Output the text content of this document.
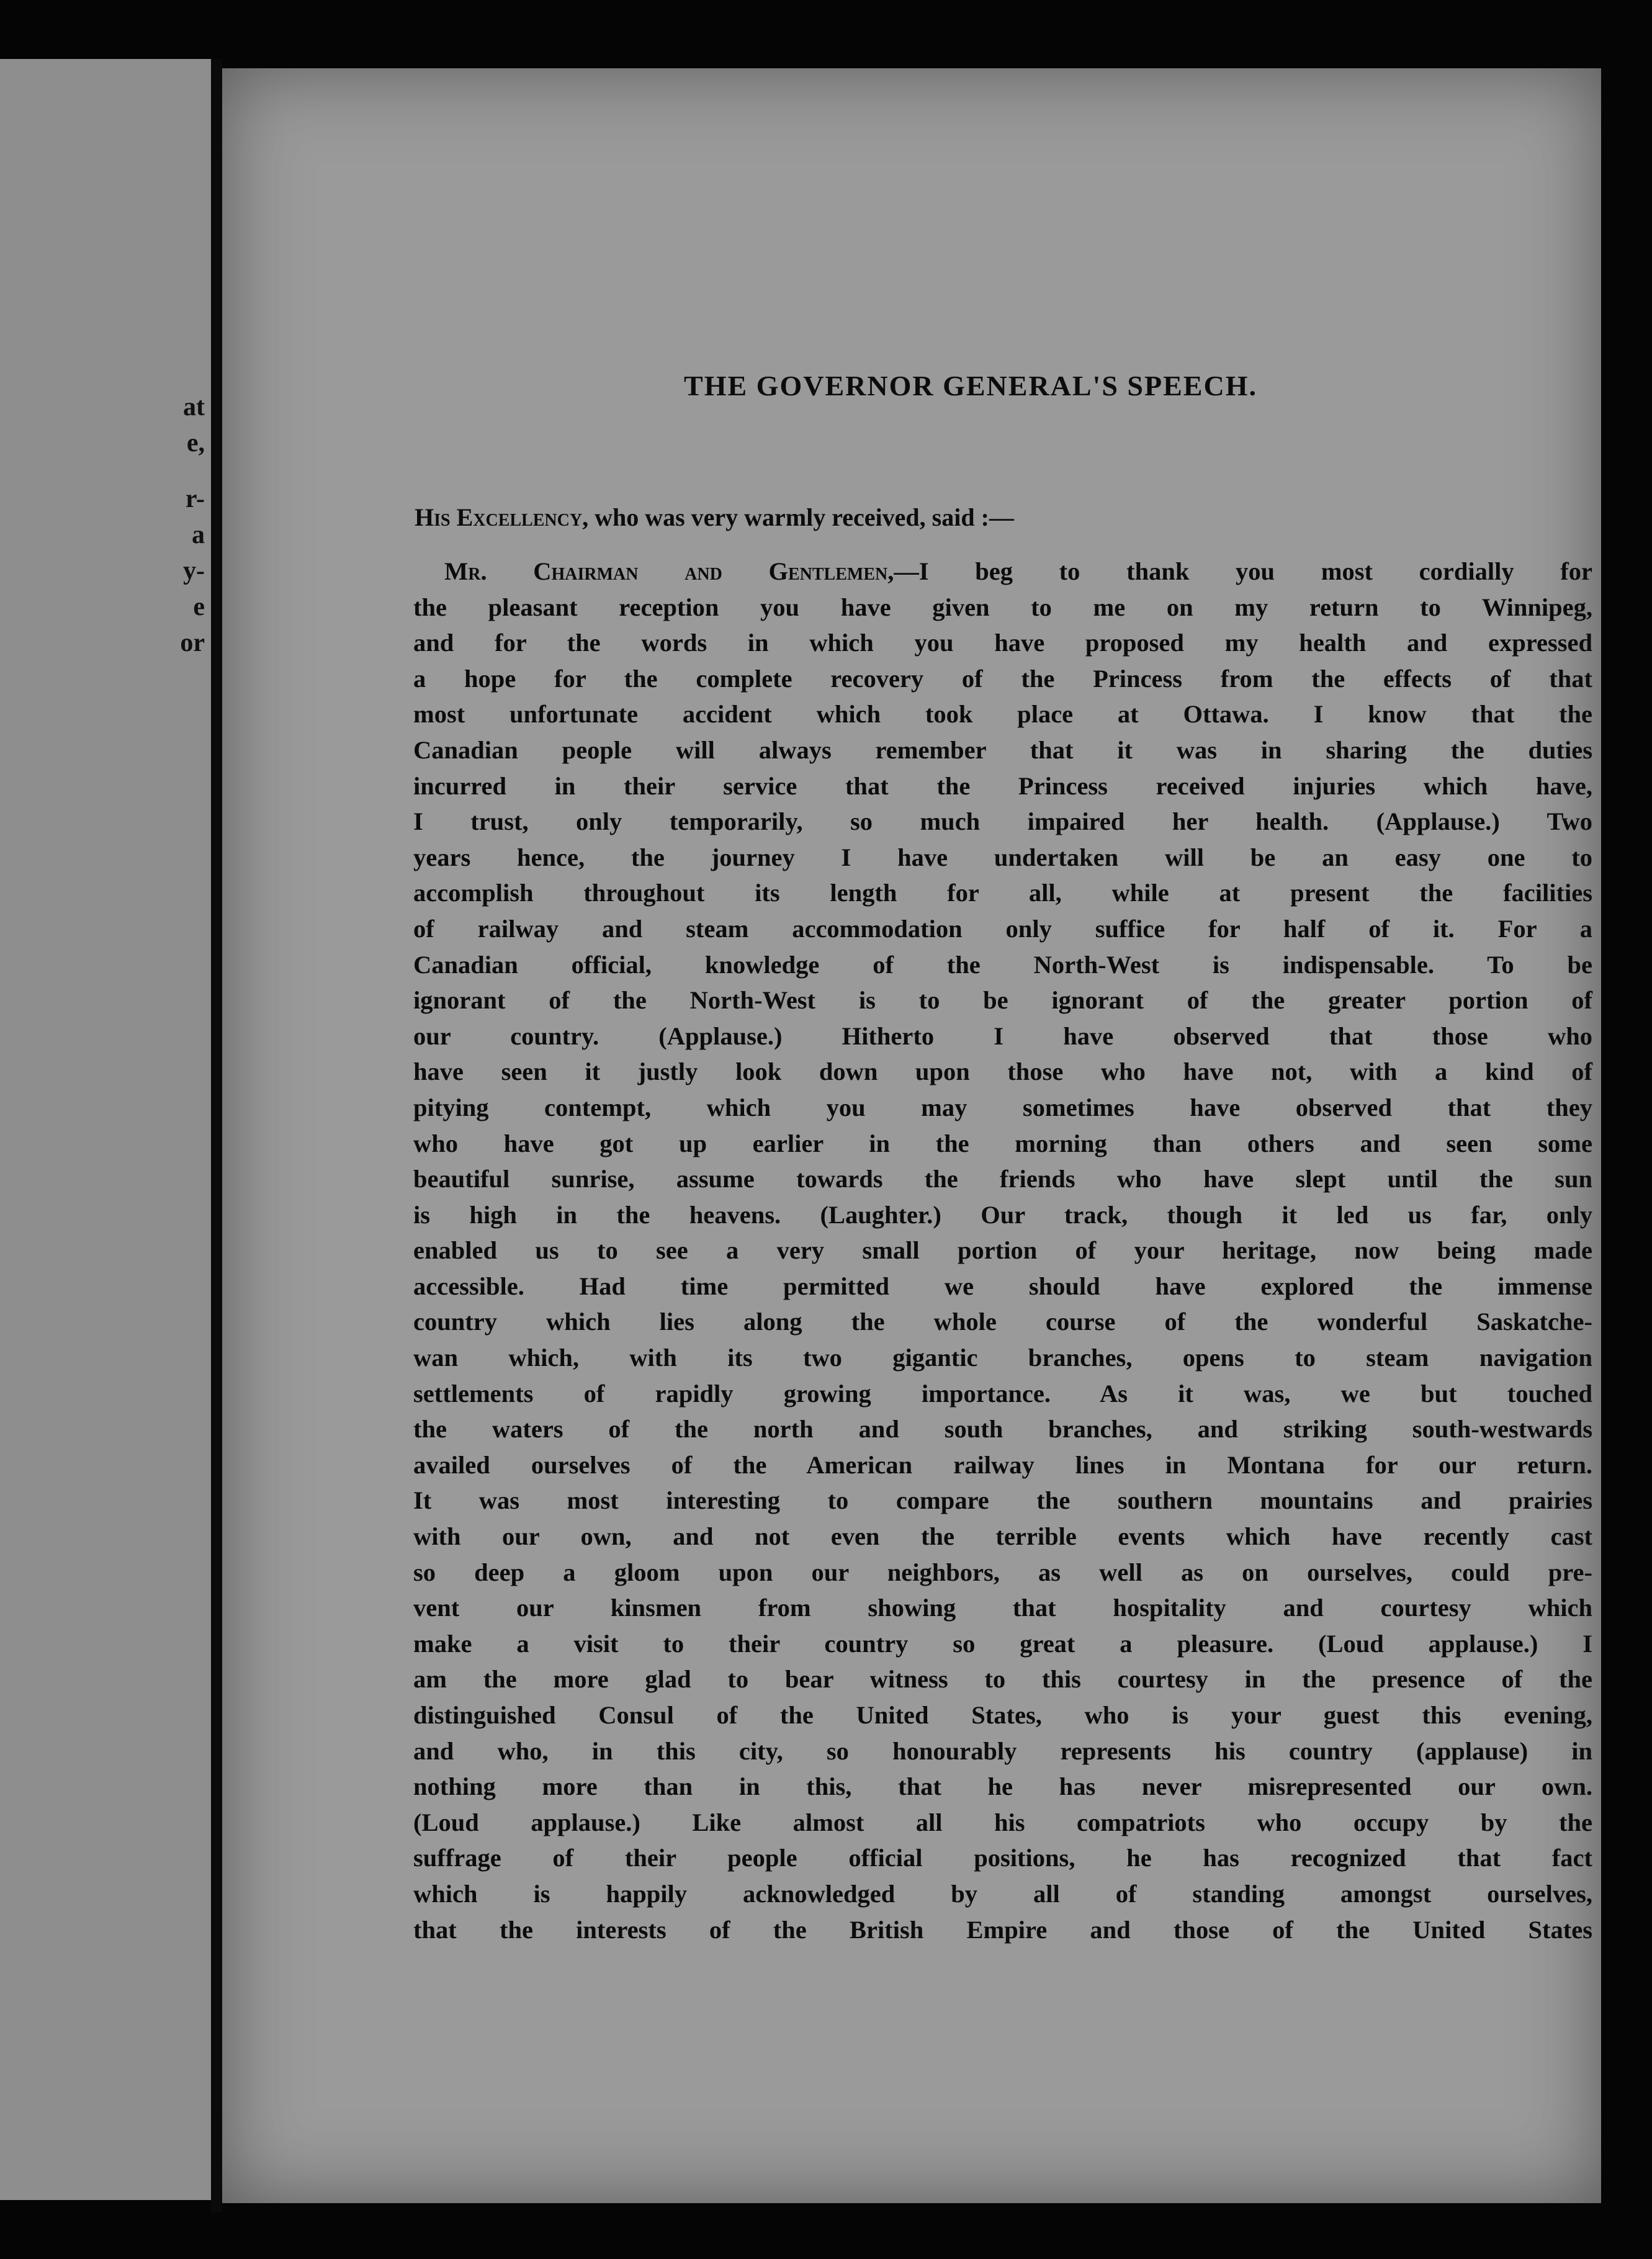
at
e,
r-
a
y-
e
or
THE GOVERNOR GENERAL'S SPEECH.
His Excellency, who was very warmly received, said :—
Mr. Chairman and Gentlemen,—I beg to thank you most cordially for
the pleasant reception you have given to me on my return to Winnipeg,
and for the words in which you have proposed my health and expressed
a hope for the complete recovery of the Princess from the effects of that
most unfortunate accident which took place at Ottawa. I know that the
Canadian people will always remember that it was in sharing the duties
incurred in their service that the Princess received injuries which have,
I trust, only temporarily, so much impaired her health. (Applause.) Two
years hence, the journey I have undertaken will be an easy one to
accomplish throughout its length for all, while at present the facilities
of railway and steam accommodation only suffice for half of it. For a
Canadian official, knowledge of the North-West is indispensable. To be
ignorant of the North-West is to be ignorant of the greater portion of
our country. (Applause.) Hitherto I have observed that those who
have seen it justly look down upon those who have not, with a kind of
pitying contempt, which you may sometimes have observed that they
who have got up earlier in the morning than others and seen some
beautiful sunrise, assume towards the friends who have slept until the sun
is high in the heavens. (Laughter.) Our track, though it led us far, only
enabled us to see a very small portion of your heritage, now being made
accessible. Had time permitted we should have explored the immense
country which lies along the whole course of the wonderful Saskatche-
wan which, with its two gigantic branches, opens to steam navigation
settlements of rapidly growing importance. As it was, we but touched
the waters of the north and south branches, and striking south-westwards
availed ourselves of the American railway lines in Montana for our return.
It was most interesting to compare the southern mountains and prairies
with our own, and not even the terrible events which have recently cast
so deep a gloom upon our neighbors, as well as on ourselves, could pre-
vent our kinsmen from showing that hospitality and courtesy which
make a visit to their country so great a pleasure. (Loud applause.) I
am the more glad to bear witness to this courtesy in the presence of the
distinguished Consul of the United States, who is your guest this evening,
and who, in this city, so honourably represents his country (applause) in
nothing more than in this, that he has never misrepresented our own.
(Loud applause.) Like almost all his compatriots who occupy by the
suffrage of their people official positions, he has recognized that fact
which is happily acknowledged by all of standing amongst ourselves,
that the interests of the British Empire and those of the United States
